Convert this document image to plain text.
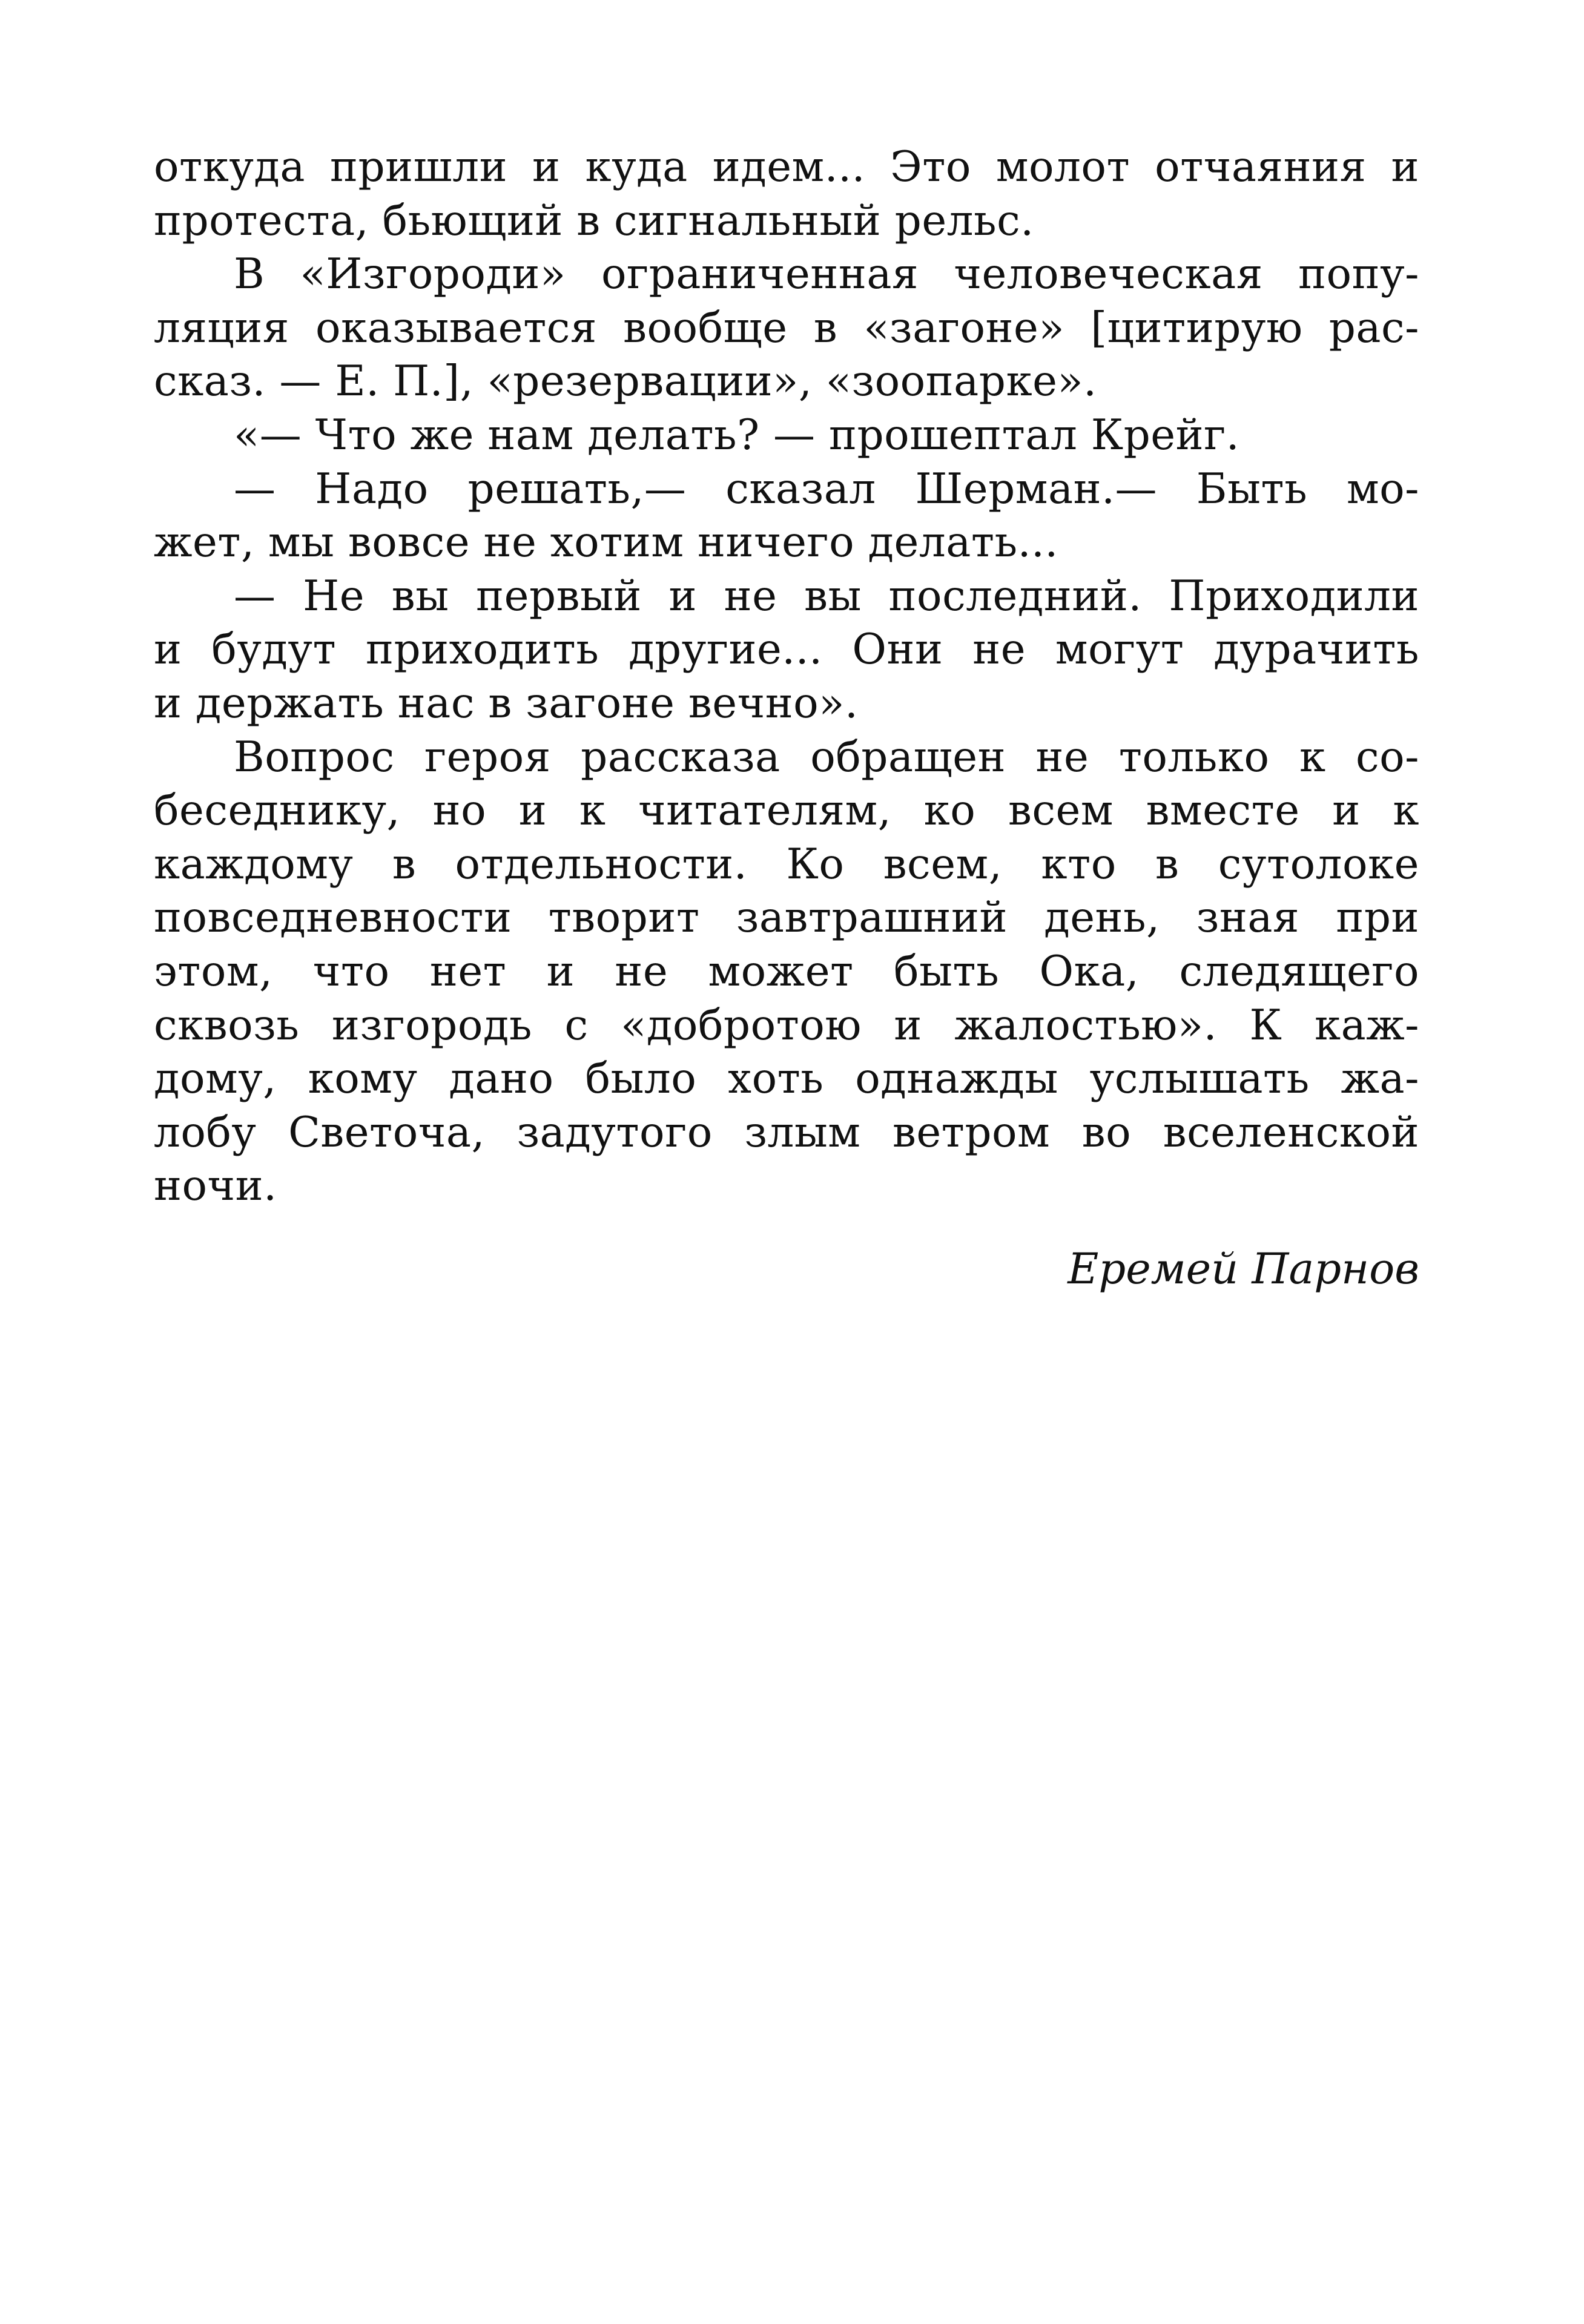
откуда пришли и куда идем... Это молот отчаяния и
протеста, бьющий в сигнальный рельс.
В «Изгороди» ограниченная человеческая попу-
ляция оказывается вообще в «загоне» [цитирую рас-
сказ. — Е. П.], «резервации», «зоопарке».
«— Что же нам делать? — прошептал Крейг.
— Надо решать,— сказал Шерман.— Быть мо-
жет, мы вовсе не хотим ничего делать...
— Не вы первый и не вы последний. Приходили
и будут приходить другие... Они не могут дурачить
и держать нас в загоне вечно».
Вопрос героя рассказа обращен не только к со-
беседнику, но и к читателям, ко всем вместе и к
каждому в отдельности. Ко всем, кто в сутолоке
повседневности творит завтрашний день, зная при
этом, что нет и не может быть Ока, следящего
сквозь изгородь с «добротою и жалостью». К каж-
дому, кому дано было хоть однажды услышать жа-
лобу Светоча, задутого злым ветром во вселенской
ночи.
Еремей Парнов
